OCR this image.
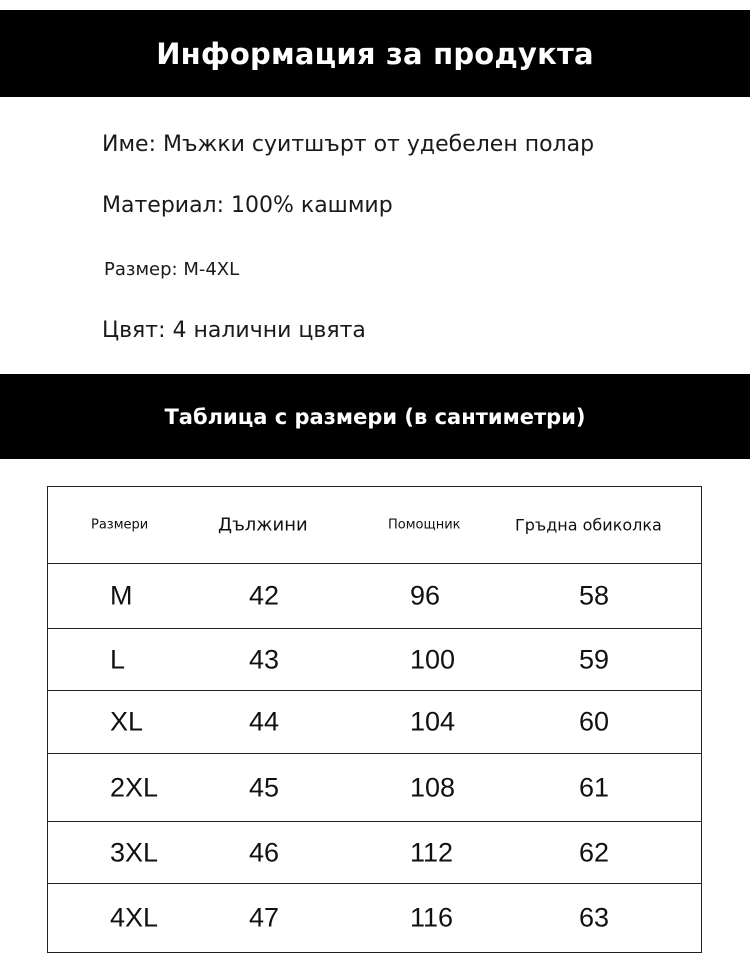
Информация за продукта
Име: Мъжки суитшърт от удебелен полар
Материал: 100% кашмир
Размер: M-4XL
Цвят: 4 налични цвята
Таблица с размери (в сантиметри)
Размери	Дължини	Помощник	Гръдна обиколка
M	42	96	58
L	43	100	59
XL	44	104	60
2XL	45	108	61
3XL	46	112	62
4XL	47	116	63
